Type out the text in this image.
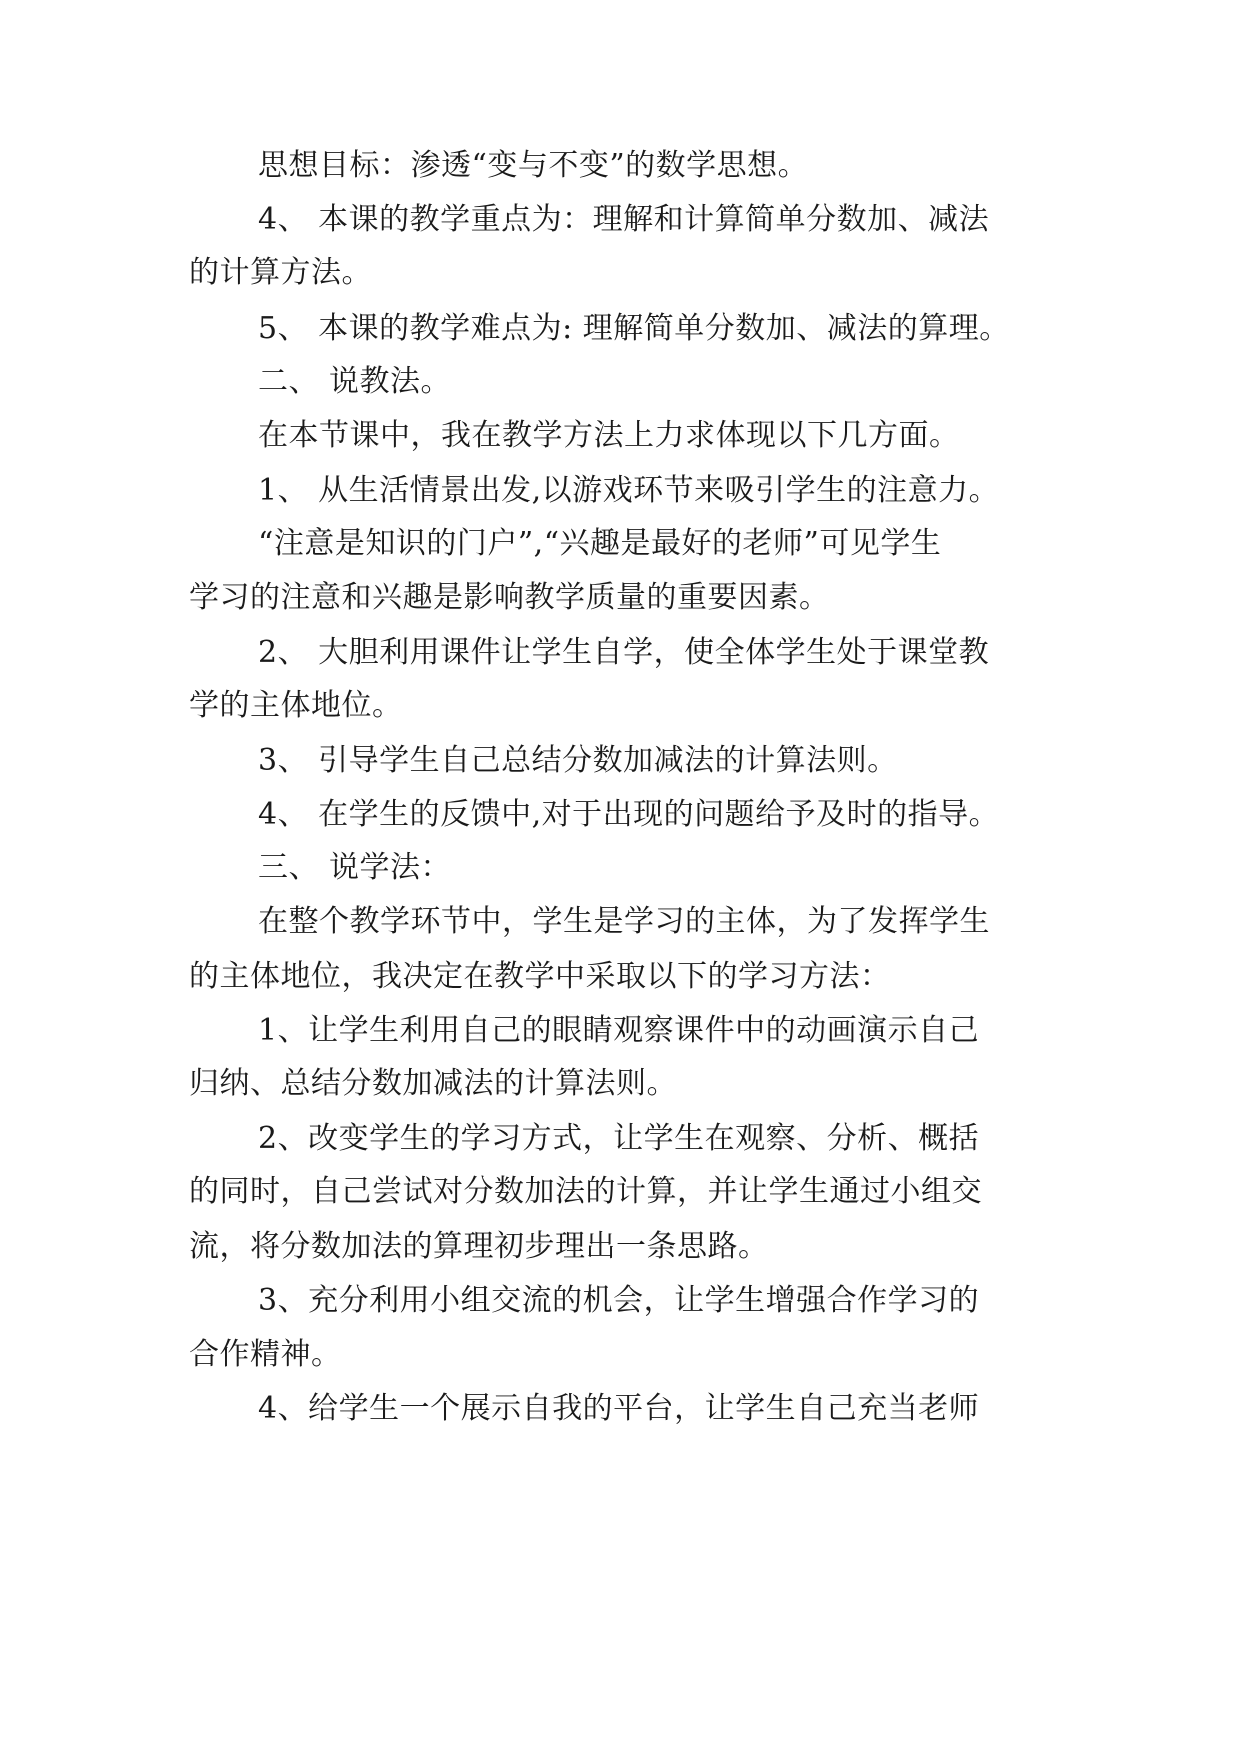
思想目标：渗透“变与不变”的数学思想。
4、 本课的教学重点为：理解和计算简单分数加、减法
的计算方法。
5、 本课的教学难点为: 理解简单分数加、减法的算理。
二、 说教法。
在本节课中，我在教学方法上力求体现以下几方面。
1、 从生活情景出发,以游戏环节来吸引学生的注意力。
“注意是知识的门户”,“兴趣是最好的老师”可见学生
学习的注意和兴趣是影响教学质量的重要因素。
2、 大胆利用课件让学生自学，使全体学生处于课堂教
学的主体地位。
3、 引导学生自己总结分数加减法的计算法则。
4、 在学生的反馈中,对于出现的问题给予及时的指导。
三、 说学法：
在整个教学环节中，学生是学习的主体，为了发挥学生
的主体地位，我决定在教学中采取以下的学习方法：
1、让学生利用自己的眼睛观察课件中的动画演示自己
归纳、总结分数加减法的计算法则。
2、改变学生的学习方式，让学生在观察、分析、概括
的同时，自己尝试对分数加法的计算，并让学生通过小组交
流，将分数加法的算理初步理出一条思路。
3、充分利用小组交流的机会，让学生增强合作学习的
合作精神。
4、给学生一个展示自我的平台，让学生自己充当老师
